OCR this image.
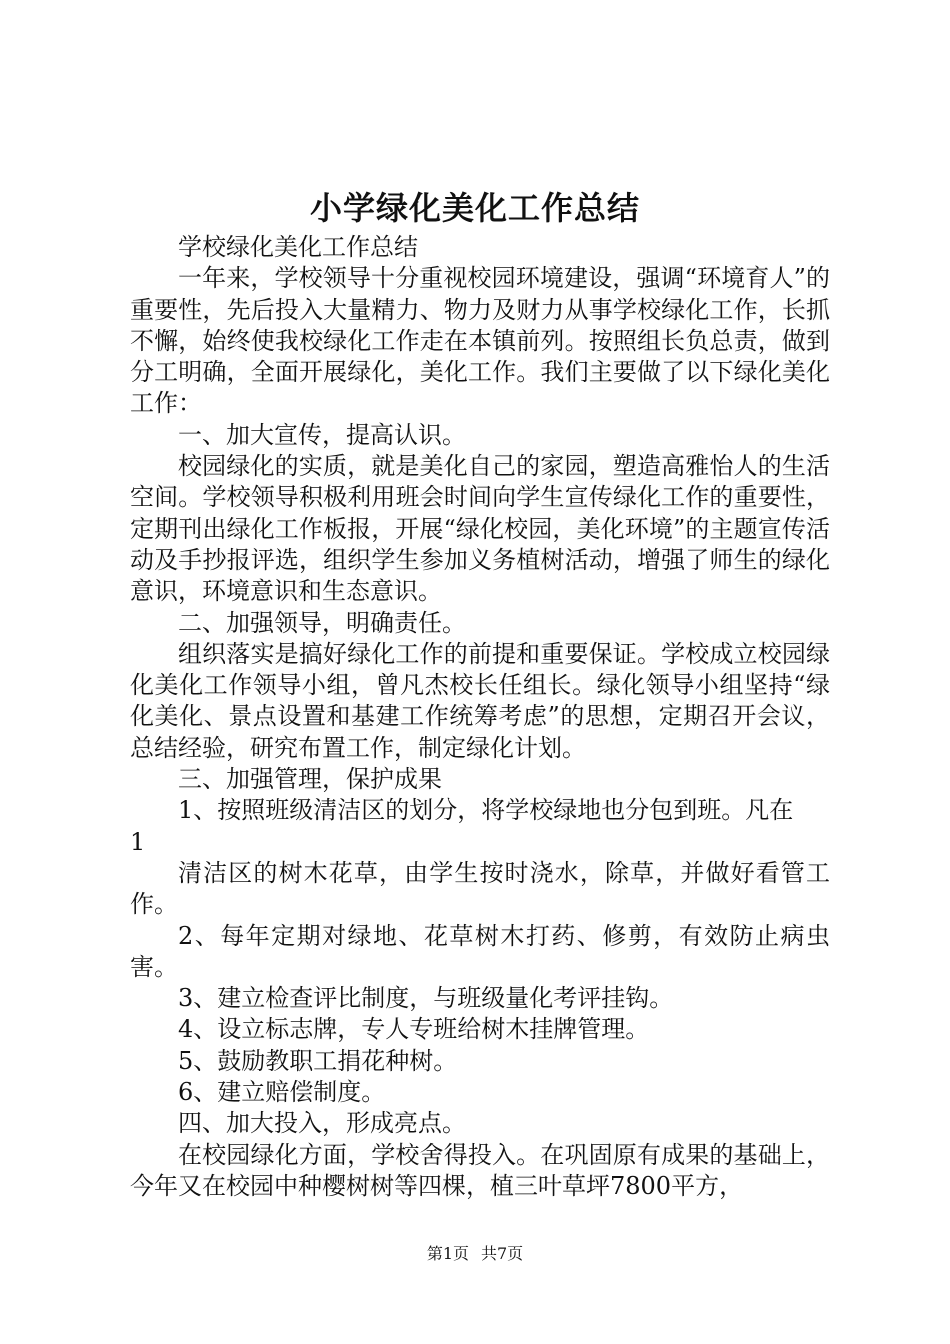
小学绿化美化工作总结

学校绿化美化工作总结

一年来，学校领导十分重视校园环境建设，强调“环境育人”的重要性，先后投入大量精力、物力及财力从事学校绿化工作，长抓不懈，始终使我校绿化工作走在本镇前列。按照组长负总责，做到分工明确，全面开展绿化，美化工作。我们主要做了以下绿化美化工作：

一、加大宣传，提高认识。

校园绿化的实质，就是美化自己的家园，塑造高雅怡人的生活空间。学校领导积极利用班会时间向学生宣传绿化工作的重要性，定期刊出绿化工作板报，开展“绿化校园，美化环境”的主题宣传活动及手抄报评选，组织学生参加义务植树活动，增强了师生的绿化意识，环境意识和生态意识。

二、加强领导，明确责任。

组织落实是搞好绿化工作的前提和重要保证。学校成立校园绿化美化工作领导小组，曾凡杰校长任组长。绿化领导小组坚持“绿化美化、景点设置和基建工作统筹考虑”的思想，定期召开会议，总结经验，研究布置工作，制定绿化计划。

三、加强管理，保护成果

1、按照班级清洁区的划分，将学校绿地也分包到班。凡在

1

清洁区的树木花草，由学生按时浇水，除草，并做好看管工作。

2、每年定期对绿地、花草树木打药、修剪，有效防止病虫害。

3、建立检查评比制度，与班级量化考评挂钩。

4、设立标志牌，专人专班给树木挂牌管理。

5、鼓励教职工捐花种树。

6、建立赔偿制度。

四、加大投入，形成亮点。

在校园绿化方面，学校舍得投入。在巩固原有成果的基础上，今年又在校园中种樱树树等四棵，植三叶草坪7800平方，

第1页 共7页
